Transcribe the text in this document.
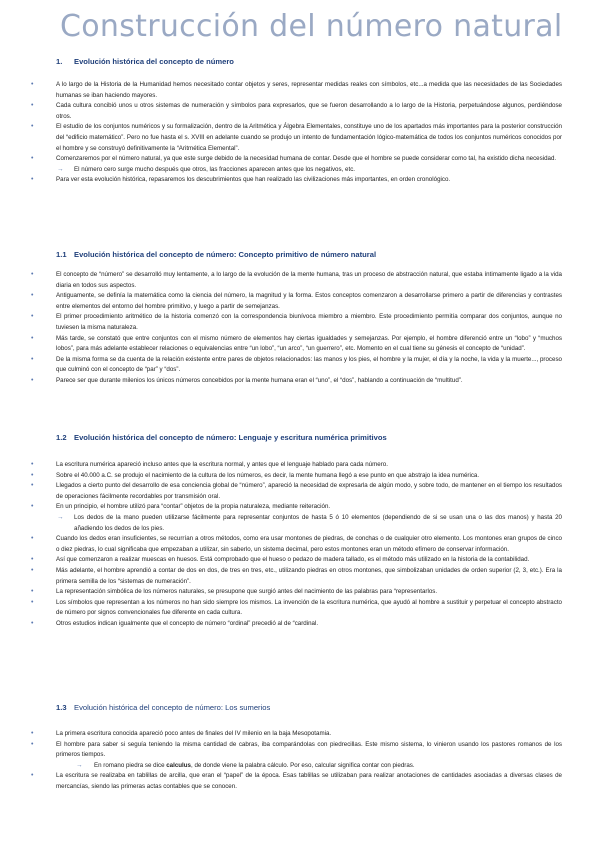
Construcción del número natural
1. Evolución histórica del concepto de número
•	A lo largo de la Historia de la Humanidad hemos necesitado contar objetos y seres, representar medidas reales con símbolos, etc...a medida que las necesidades de las Sociedades humanas se iban haciendo mayores.
•	Cada cultura concibió unos u otros sistemas de numeración y símbolos para expresarlos, que se fueron desarrollando a lo largo de la Historia, perpetuándose algunos, perdiéndose otros.
•	El estudio de los conjuntos numéricos y su formalización, dentro de la Aritmética y Álgebra Elementales, constituye uno de los apartados más importantes para la posterior construcción del “edificio matemático”. Pero no fue hasta el s. XVIII en adelante cuando se produjo un intento de fundamentación lógico-matemática de todos los conjuntos numéricos conocidos por el hombre y se construyó definitivamente la “Aritmética Elemental”.
•	Comenzaremos por el número natural, ya que este surge debido de la necesidad humana de contar. Desde que el hombre se puede considerar como tal, ha existido dicha necesidad.
→ El número cero surge mucho después que otros, las fracciones aparecen antes que los negativos, etc.
•	Para ver esta evolución histórica, repasaremos los descubrimientos que han realizado las civilizaciones más importantes, en orden cronológico.
1.1 Evolución histórica del concepto de número: Concepto primitivo de número natural
•	El concepto de “número” se desarrolló muy lentamente, a lo largo de la evolución de la mente humana, tras un proceso de abstracción natural, que estaba íntimamente ligado a la vida diaria en todos sus aspectos.
•	Antiguamente, se definía la matemática como la ciencia del número, la magnitud y la forma. Estos conceptos comenzaron a desarrollarse primero a partir de diferencias y contrastes entre elementos del entorno del hombre primitivo, y luego a partir de semejanzas.
•	El primer procedimiento aritmético de la historia comenzó con la correspondencia biunívoca miembro a miembro. Este procedimiento permitía comparar dos conjuntos, aunque no tuviesen la misma naturaleza.
•	Más tarde, se constató que entre conjuntos con el mismo número de elementos hay ciertas igualdades y semejanzas. Por ejemplo, el hombre diferenció entre un “lobo” y “muchos lobos”, para más adelante establecer relaciones o equivalencias entre “un lobo”, “un arco”, “un guerrero”, etc. Momento en el cual tiene su génesis el concepto de “unidad”.
•	De la misma forma se da cuenta de la relación existente entre pares de objetos relacionados: las manos y los pies, el hombre y la mujer, el día y la noche, la vida y la muerte..., proceso que culminó con el concepto de “par” y “dos”.
•	Parece ser que durante milenios los únicos números concebidos por la mente humana eran el “uno”, el “dos”, hablando a continuación de “multitud”.
1.2 Evolución histórica del concepto de número: Lenguaje y escritura numérica primitivos
•	La escritura numérica apareció incluso antes que la escritura normal, y antes que el lenguaje hablado para cada número.
•	Sobre el 40.000 a.C. se produjo el nacimiento de la cultura de los números, es decir, la mente humana llegó a ese punto en que abstrajo la idea numérica.
•	Llegados a cierto punto del desarrollo de esa conciencia global de “número”, apareció la necesidad de expresarla de algún modo, y sobre todo, de mantener en el tiempo los resultados de operaciones fácilmente recordables por transmisión oral.
•	En un principio, el hombre utilizó para “contar” objetos de la propia naturaleza, mediante reiteración.
→ Los dedos de la mano pueden utilizarse fácilmente para representar conjuntos de hasta 5 ó 10 elementos (dependiendo de si se usan una o las dos manos) y hasta 20 añadiendo los dedos de los pies.
•	Cuando los dedos eran insuficientes, se recurrían a otros métodos, como era usar montones de piedras, de conchas o de cualquier otro elemento. Los montones eran grupos de cinco o diez piedras, lo cual significaba que empezaban a utilizar, sin saberlo, un sistema decimal, pero estos montones eran un método efímero de conservar información.
•	Así que comenzaron a realizar muescas en huesos. Está comprobado que el hueso o pedazo de madera tallado, es el método más utilizado en la historia de la contabilidad.
•	Más adelante, el hombre aprendió a contar de dos en dos, de tres en tres, etc., utilizando piedras en otros montones, que simbolizaban unidades de orden superior (2, 3, etc.). Era la primera semilla de los “sistemas de numeración”.
•	La representación simbólica de los números naturales, se presupone que surgió antes del nacimiento de las palabras para “representarlos.
•	Los símbolos que representan a los números no han sido siempre los mismos. La invención de la escritura numérica, que ayudó al hombre a sustituir y perpetuar el concepto abstracto de número por signos convencionales fue diferente en cada cultura.
•	Otros estudios indican igualmente que el concepto de número “ordinal” precedió al de “cardinal.
1.3 Evolución histórica del concepto de número: Los sumerios
•	La primera escritura conocida apareció poco antes de finales del IV milenio en la baja Mesopotamia.
•	El hombre para saber si seguía teniendo la misma cantidad de cabras, iba comparándolas con piedrecillas. Este mismo sistema, lo vinieron usando los pastores romanos de los primeros tiempos.
→ En romano piedra se dice calculus, de donde viene la palabra cálculo. Por eso, calcular significa contar con piedras.
•	La escritura se realizaba en tablillas de arcilla, que eran el “papel” de la época. Esas tablillas se utilizaban para realizar anotaciones de cantidades asociadas a diversas clases de mercancías, siendo las primeras actas contables que se conocen.
